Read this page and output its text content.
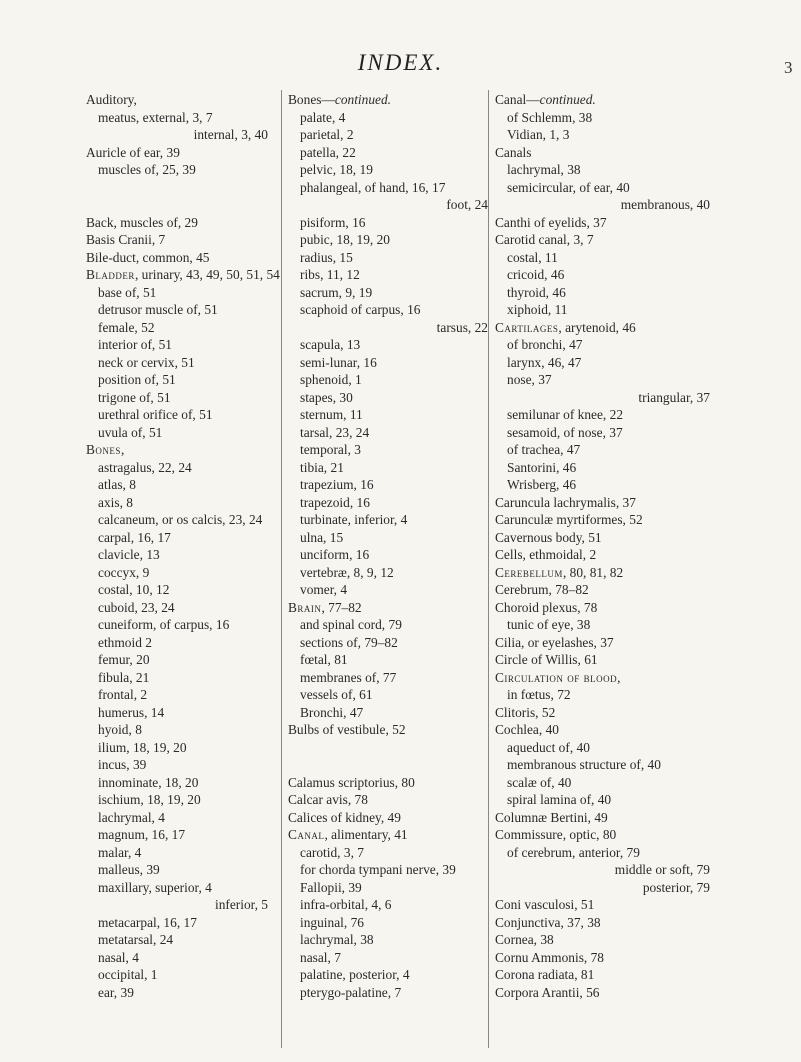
INDEX.	3
Auditory,
meatus, external, 3, 7
internal, 3, 40
Auricle of ear, 39
muscles of, 25, 39
Back, muscles of, 29
Basis Cranii, 7
Bile-duct, common, 45
Bladder, urinary, 43, 49, 50, 51, 54
base of, 51
detrusor muscle of, 51
female, 52
interior of, 51
neck or cervix, 51
position of, 51
trigone of, 51
urethral orifice of, 51
uvula of, 51
Bones,
astragalus, 22, 24
atlas, 8
axis, 8
calcaneum, or os calcis, 23, 24
carpal, 16, 17
clavicle, 13
coccyx, 9
costal, 10, 12
cuboid, 23, 24
cuneiform, of carpus, 16
ethmoid 2
femur, 20
fibula, 21
frontal, 2
humerus, 14
hyoid, 8
ilium, 18, 19, 20
incus, 39
innominate, 18, 20
ischium, 18, 19, 20
lachrymal, 4
magnum, 16, 17
malar, 4
malleus, 39
maxillary, superior, 4
inferior, 5
metacarpal, 16, 17
metatarsal, 24
nasal, 4
occipital, 1
ear, 39
Bones—continued.
palate, 4
parietal, 2
patella, 22
pelvic, 18, 19
phalangeal, of hand, 16, 17
foot, 24
pisiform, 16
pubic, 18, 19, 20
radius, 15
ribs, 11, 12
sacrum, 9, 19
scaphoid of carpus, 16
tarsus, 22
scapula, 13
semi-lunar, 16
sphenoid, 1
stapes, 30
sternum, 11
tarsal, 23, 24
temporal, 3
tibia, 21
trapezium, 16
trapezoid, 16
turbinate, inferior, 4
ulna, 15
unciform, 16
vertebræ, 8, 9, 12
vomer, 4
Brain, 77–82
and spinal cord, 79
sections of, 79–82
fœtal, 81
membranes of, 77
vessels of, 61
Bronchi, 47
Bulbs of vestibule, 52
Calamus scriptorius, 80
Calcar avis, 78
Calices of kidney, 49
Canal, alimentary, 41
carotid, 3, 7
for chorda tympani nerve, 39
Fallopii, 39
infra-orbital, 4, 6
inguinal, 76
lachrymal, 38
nasal, 7
palatine, posterior, 4
pterygo-palatine, 7
Canal—continued.
of Schlemm, 38
Vidian, 1, 3
Canals
lachrymal, 38
semicircular, of ear, 40
membranous, 40
Canthi of eyelids, 37
Carotid canal, 3, 7
costal, 11
cricoid, 46
thyroid, 46
xiphoid, 11
Cartilages, arytenoid, 46
of bronchi, 47
larynx, 46, 47
nose, 37
triangular, 37
semilunar of knee, 22
sesamoid, of nose, 37
of trachea, 47
Santorini, 46
Wrisberg, 46
Caruncula lachrymalis, 37
Carunculæ myrtiformes, 52
Cavernous body, 51
Cells, ethmoidal, 2
Cerebellum, 80, 81, 82
Cerebrum, 78–82
Choroid plexus, 78
tunic of eye, 38
Cilia, or eyelashes, 37
Circle of Willis, 61
Circulation of blood,
in fœtus, 72
Clitoris, 52
Cochlea, 40
aqueduct of, 40
membranous structure of, 40
scalæ of, 40
spiral lamina of, 40
Columnæ Bertini, 49
Commissure, optic, 80
of cerebrum, anterior, 79
middle or soft, 79
posterior, 79
Coni vasculosi, 51
Conjunctiva, 37, 38
Cornea, 38
Cornu Ammonis, 78
Corona radiata, 81
Corpora Arantii, 56
